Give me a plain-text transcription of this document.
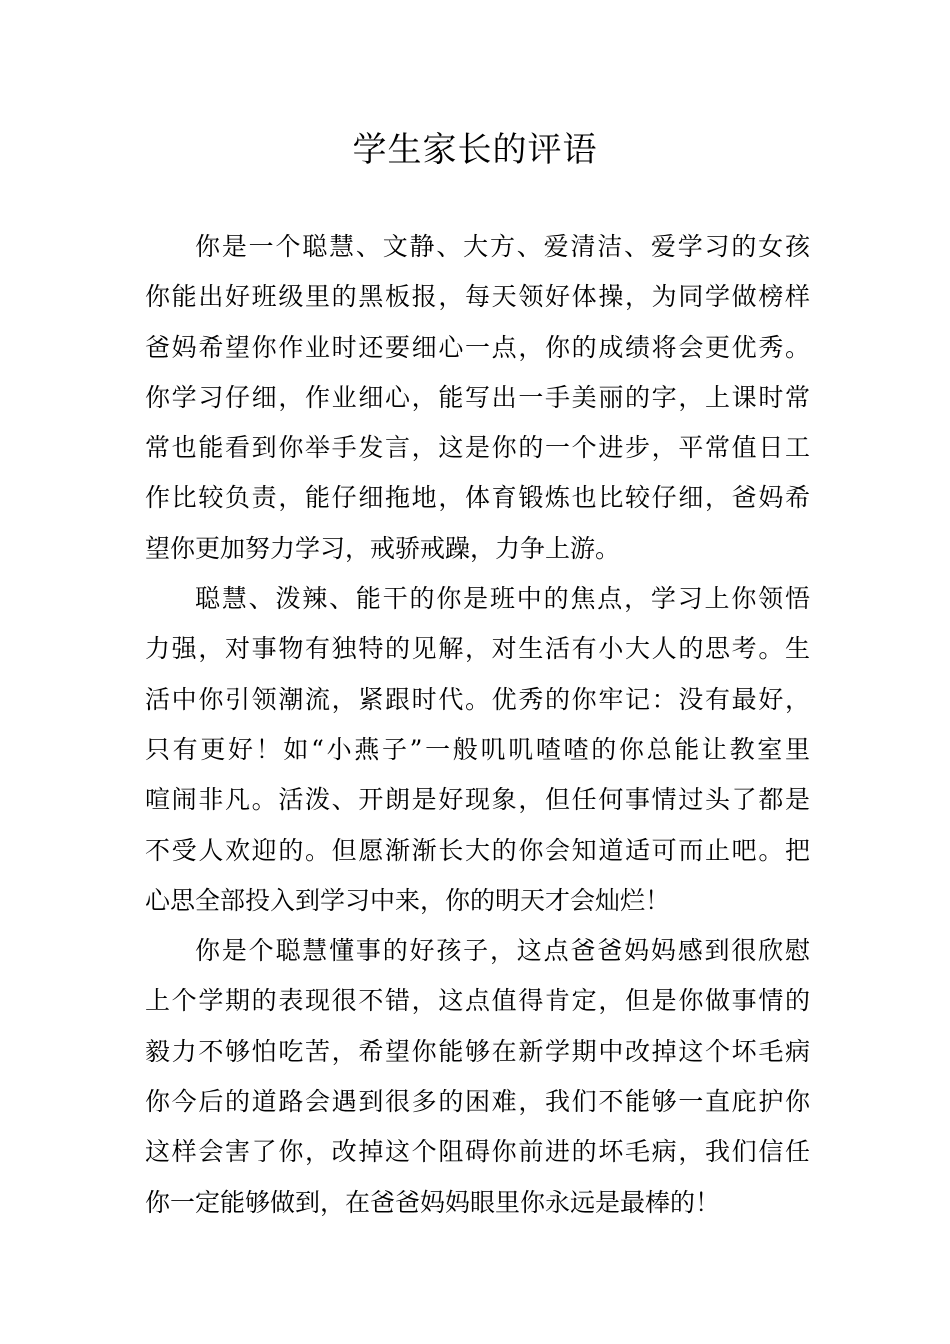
学生家长的评语
你是一个聪慧、文静、大方、爱清洁、爱学习的女孩
你能出好班级里的黑板报，每天领好体操，为同学做榜样
爸妈希望你作业时还要细心一点，你的成绩将会更优秀。
你学习仔细，作业细心，能写出一手美丽的字，上课时常
常也能看到你举手发言，这是你的一个进步，平常值日工
作比较负责，能仔细拖地，体育锻炼也比较仔细，爸妈希
望你更加努力学习，戒骄戒躁，力争上游。
聪慧、泼辣、能干的你是班中的焦点，学习上你领悟
力强，对事物有独特的见解，对生活有小大人的思考。生
活中你引领潮流，紧跟时代。优秀的你牢记：没有最好，
只有更好！如“小燕子”一般叽叽喳喳的你总能让教室里
喧闹非凡。活泼、开朗是好现象，但任何事情过头了都是
不受人欢迎的。但愿渐渐长大的你会知道适可而止吧。把
心思全部投入到学习中来，你的明天才会灿烂！
你是个聪慧懂事的好孩子，这点爸爸妈妈感到很欣慰
上个学期的表现很不错，这点值得肯定，但是你做事情的
毅力不够怕吃苦，希望你能够在新学期中改掉这个坏毛病
你今后的道路会遇到很多的困难，我们不能够一直庇护你
这样会害了你，改掉这个阻碍你前进的坏毛病，我们信任
你一定能够做到，在爸爸妈妈眼里你永远是最棒的！
